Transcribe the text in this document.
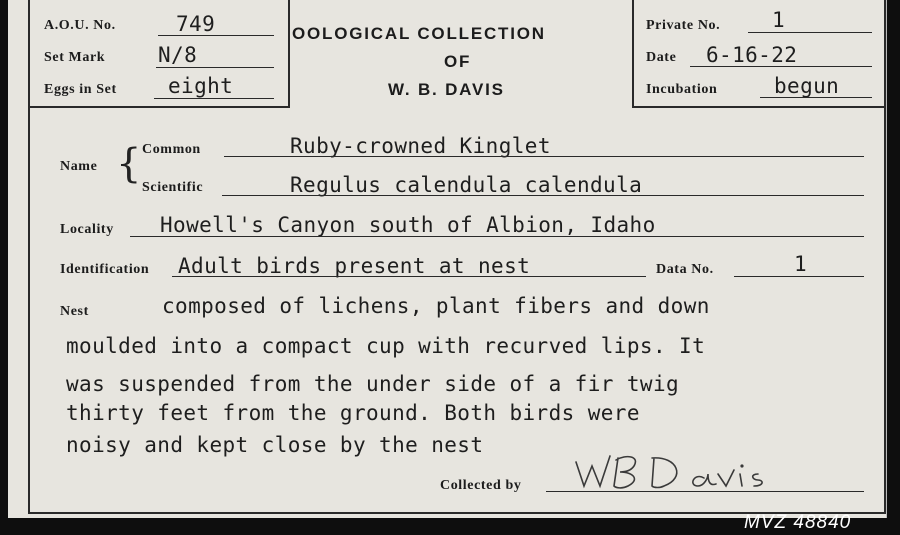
A.O.U. No.	749
Set Mark	N/8
Eggs in Set eight
OOLOGICAL COLLECTION
OF
W. B. DAVIS
Private No. 1
Date 6-16-22
Incubation	begun
Name { Common	Ruby-crowned Kinglet
Scientific	Regulus calendula calendula
Locality Howell's Canyon south of Albion, Idaho
Identification Adult birds present at nest	Data No.	1
Nest	composed of lichens, plant fibers and down
moulded into a compact cup with recurved lips. It
was suspended from the under side of a fir twig
thirty feet from the ground. Both birds were
noisy and kept close by the nest
Collected by
MVZ 48840
